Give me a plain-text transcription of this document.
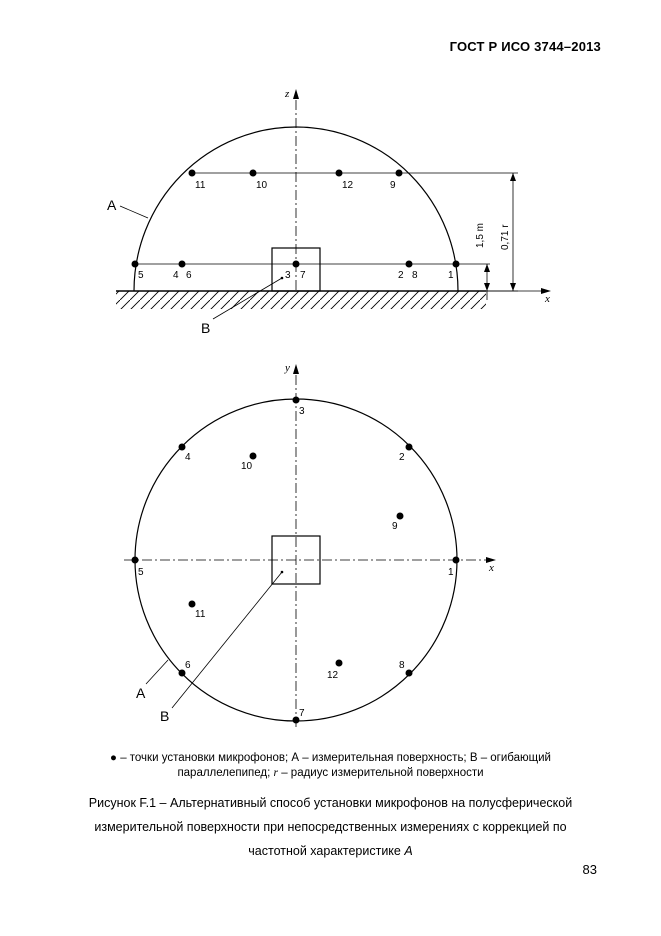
ГОСТ Р ИСО 3744–2013
z
x
1,5 m 0,71 r
5	4 6	3 7	2 8	1
11	10	12	9
A
B
y
x
1
2
3
4
5
6
7
8
9
10
11
12
A
B
● – точки установки микрофонов; А – измерительная поверхность; В – огибающий
параллелепипед; r – радиус измерительной поверхности
Рисунок F.1 – Альтернативный способ установки микрофонов на полусферической
измерительной поверхности при непосредственных измерениях с коррекцией по
частотной характеристике A
83
